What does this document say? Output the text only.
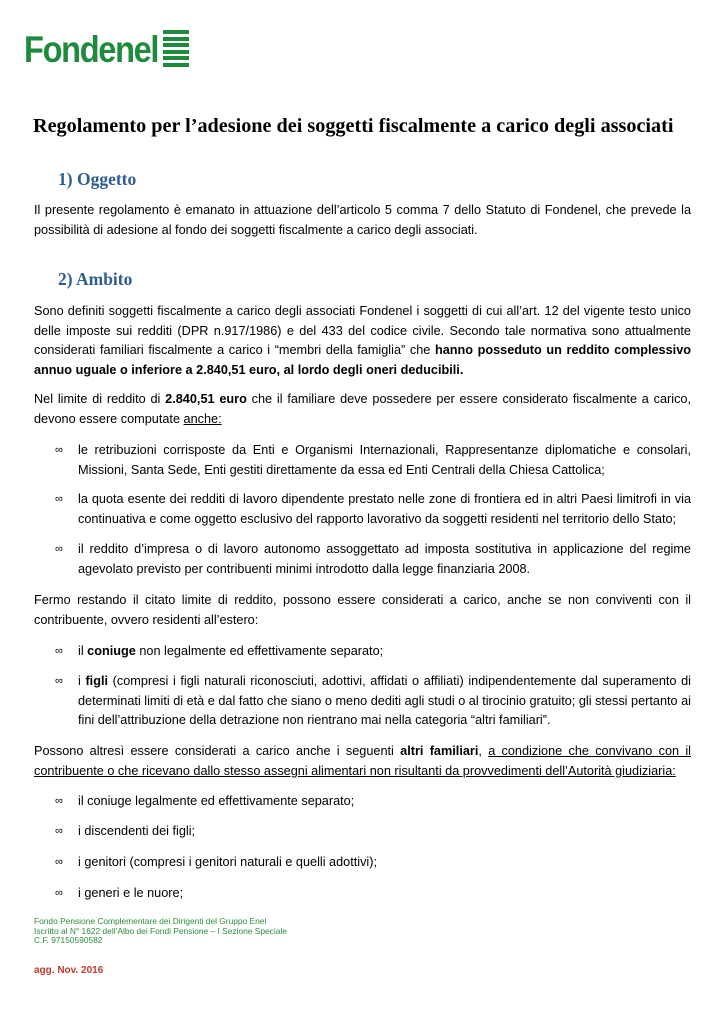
Fondenel
Regolamento per l’adesione dei soggetti fiscalmente a carico degli associati
1) Oggetto

Il presente regolamento è emanato in attuazione dell’articolo 5 comma 7 dello Statuto di Fondenel, che prevede la possibilità di adesione al fondo dei soggetti fiscalmente a carico degli associati.

2) Ambito

Sono definiti soggetti fiscalmente a carico degli associati Fondenel i soggetti di cui all’art. 12 del vigente testo unico delle imposte sui redditi (DPR n.917/1986) e del 433 del codice civile. Secondo tale normativa sono attualmente considerati familiari fiscalmente a carico i “membri della famiglia” che hanno posseduto un reddito complessivo annuo uguale o inferiore a 2.840,51 euro, al lordo degli oneri deducibili.

Nel limite di reddito di 2.840,51 euro che il familiare deve possedere per essere considerato fiscalmente a carico, devono essere computate anche:

∞ le retribuzioni corrisposte da Enti e Organismi Internazionali, Rappresentanze diplomatiche e consolari, Missioni, Santa Sede, Enti gestiti direttamente da essa ed Enti Centrali della Chiesa Cattolica;
∞ la quota esente dei redditi di lavoro dipendente prestato nelle zone di frontiera ed in altri Paesi limitrofi in via continuativa e come oggetto esclusivo del rapporto lavorativo da soggetti residenti nel territorio dello Stato;
∞ il reddito d’impresa o di lavoro autonomo assoggettato ad imposta sostitutiva in applicazione del regime agevolato previsto per contribuenti minimi introdotto dalla legge finanziaria 2008.

Fermo restando il citato limite di reddito, possono essere considerati a carico, anche se non conviventi con il contribuente, ovvero residenti all’estero:

∞ il coniuge non legalmente ed effettivamente separato;
∞ i figli (compresi i figli naturali riconosciuti, adottivi, affidati o affiliati) indipendentemente dal superamento di determinati limiti di età e dal fatto che siano o meno dediti agli studi o al tirocinio gratuito; gli stessi pertanto ai fini dell’attribuzione della detrazione non rientrano mai nella categoria “altri familiari”.

Possono altresì essere considerati a carico anche i seguenti altri familiari, a condizione che convivano con il contribuente o che ricevano dallo stesso assegni alimentari non risultanti da provvedimenti dell’Autorità giudiziaria:

∞ il coniuge legalmente ed effettivamente separato;
∞ i discendenti dei figli;
∞ i genitori (compresi i genitori naturali e quelli adottivi);
∞ i generi e le nuore;
Fondo Pensione Complementare dei Dirigenti del Gruppo Enel
Iscritto al N° 1622 dell’Albo dei Fondi Pensione – I Sezione Speciale
C.F. 97150590582
agg. Nov. 2016
